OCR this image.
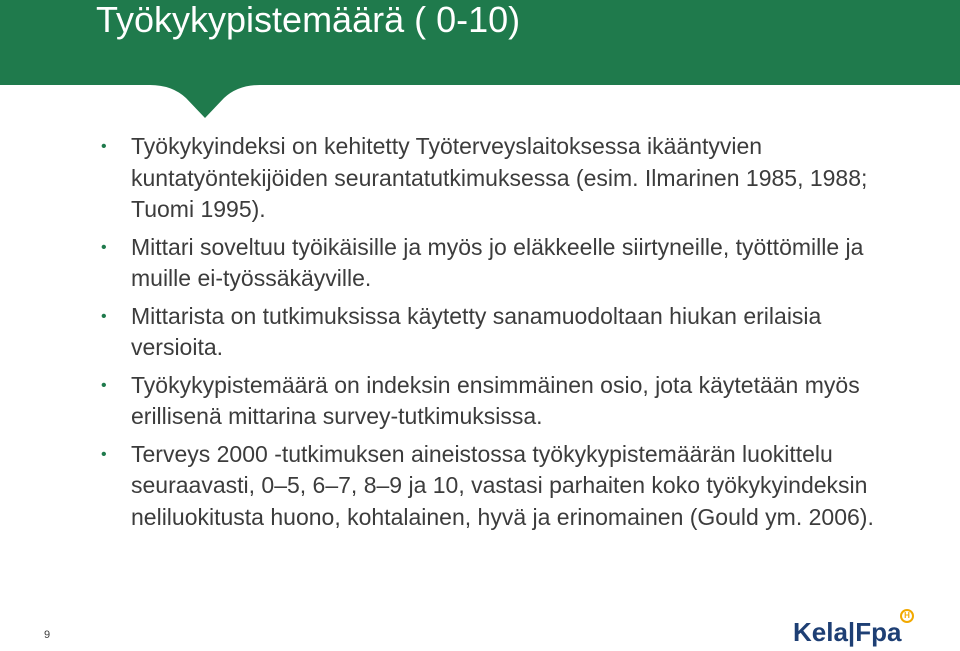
Työkykypistemäärä ( 0-10)
• Työkykyindeksi on kehitetty Työterveyslaitoksessa ikääntyvien kuntatyöntekijöiden seurantatutkimuksessa (esim. Ilmarinen 1985, 1988; Tuomi 1995).
• Mittari soveltuu työikäisille ja myös jo eläkkeelle siirtyneille, työttömille ja muille ei-työssäkäyville.
• Mittarista on tutkimuksissa käytetty sanamuodoltaan hiukan erilaisia versioita.
• Työkykypistemäärä on indeksin ensimmäinen osio, jota käytetään myös erillisenä mittarina survey-tutkimuksissa.
• Terveys 2000 -tutkimuksen aineistossa työkykypistemäärän luokittelu seuraavasti, 0–5, 6–7, 8–9 ja 10, vastasi parhaiten koko työkykyindeksin neliluokitusta huono, kohtalainen, hyvä ja erinomainen (Gould ym. 2006).
9	Kela|Fpa
H
